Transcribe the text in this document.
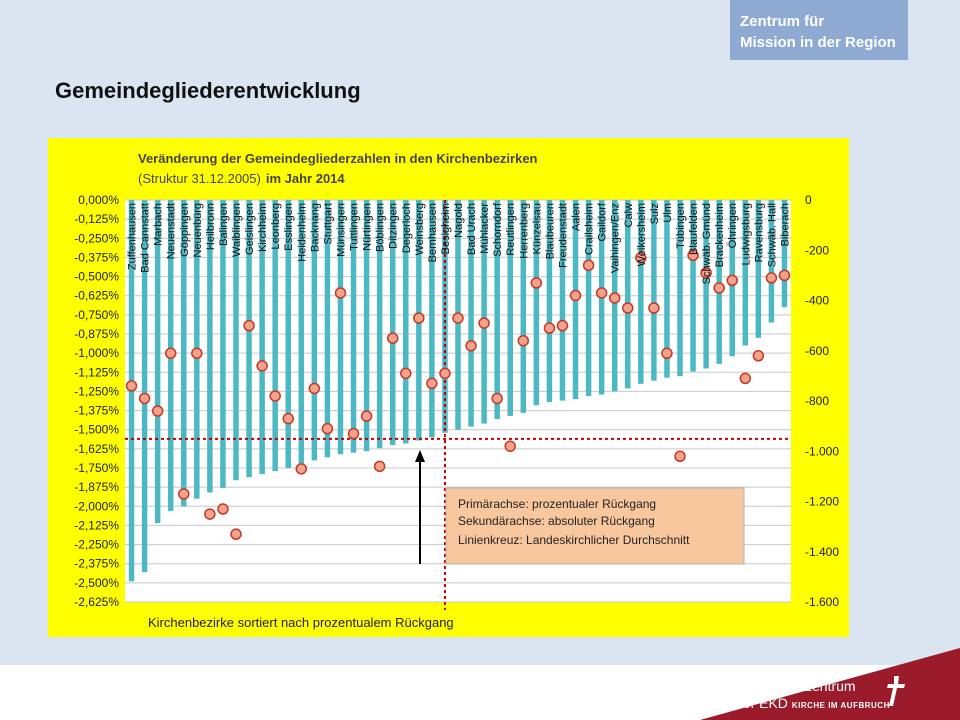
Zentrum für
Mission in der Region
Gemeindegliederentwicklung
0,000%
-0,125%
-0,250%
-0,375%
-0,500%
-0,625%
-0,750%
-0,875%
-1,000%
-1,125%
-1,250%
-1,375%
-1,500%
-1,625%
-1,750%
-1,875%
-2,000%
-2,125%
-2,250%
-2,375%
-2,500%
-2,625%
0
-200
-400
-600
-800
-1.000
-1.200
-1.400
-1.600
Zuffenhausen Bad Cannstatt Marbach Neuenstadt Göppingen Neuenbürg Heilbronn Balingen Waiblingen Geislingen Kirchheim Leonberg Esslingen Heidenheim Backnang Stuttgart Münsingen Tuttlingen Nürtingen Böblingen Ditzingen Degerloch Weinsberg Bernhausen Besigheim Nagold Bad Urach Mühlacker Schorndorf Reutlingen Herrenberg Künzelsau Blaubeuren Freudenstadt Aalen Crailsheim Gaildorf Vaihingen/Enz Calw Weikersheim Sulz Ulm Tübingen Blaufelden Schwäb. Gmünd Brackenheim Öhringen Ludwigsburg Ravensburg Schwäb. Hall Biberach
Veränderung der Gemeindegliederzahlen in den Kirchenbezirken
(Struktur 31.12.2005) im Jahr 2014
Primärachse: prozentualer Rückgang
Sekundärachse: absoluter Rückgang
Linienkreuz: Landeskirchlicher Durchschnitt
Kirchenbezirke sortiert nach prozentualem Rückgang
Ein Reformzentrum
der EKD KIRCHE IM AUFBRUCH
